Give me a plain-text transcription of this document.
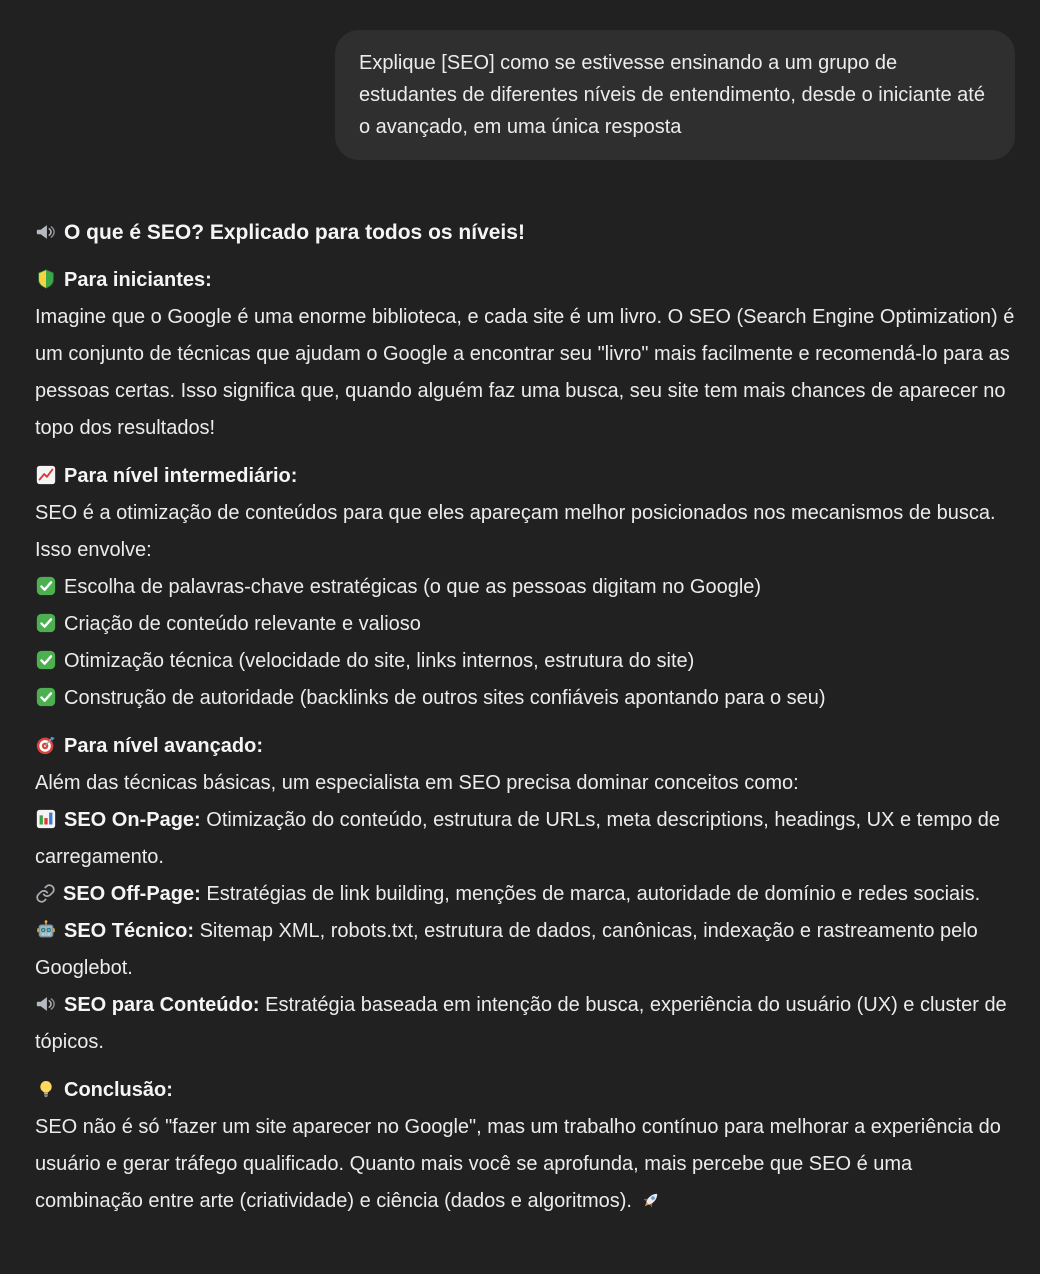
Explique [SEO] como se estivesse ensinando a um grupo de estudantes de diferentes níveis de entendimento, desde o iniciante até o avançado, em uma única resposta

O que é SEO? Explicado para todos os níveis!

Para iniciantes:

Imagine que o Google é uma enorme biblioteca, e cada site é um livro. O SEO (Search Engine Optimization) é um conjunto de técnicas que ajudam o Google a encontrar seu "livro" mais facilmente e recomendá-lo para as pessoas certas. Isso significa que, quando alguém faz uma busca, seu site tem mais chances de aparecer no topo dos resultados!

Para nível intermediário:

SEO é a otimização de conteúdos para que eles apareçam melhor posicionados nos mecanismos de busca. Isso envolve:

Escolha de palavras-chave estratégicas (o que as pessoas digitam no Google)

Criação de conteúdo relevante e valioso

Otimização técnica (velocidade do site, links internos, estrutura do site)

Construção de autoridade (backlinks de outros sites confiáveis apontando para o seu)

Para nível avançado:

Além das técnicas básicas, um especialista em SEO precisa dominar conceitos como:

SEO On-Page: Otimização do conteúdo, estrutura de URLs, meta descriptions, headings, UX e tempo de carregamento.

SEO Off-Page: Estratégias de link building, menções de marca, autoridade de domínio e redes sociais.

SEO Técnico: Sitemap XML, robots.txt, estrutura de dados, canônicas, indexação e rastreamento pelo Googlebot.

SEO para Conteúdo: Estratégia baseada em intenção de busca, experiência do usuário (UX) e cluster de tópicos.

Conclusão:

SEO não é só "fazer um site aparecer no Google", mas um trabalho contínuo para melhorar a experiência do usuário e gerar tráfego qualificado. Quanto mais você se aprofunda, mais percebe que SEO é uma combinação entre arte (criatividade) e ciência (dados e algoritmos).
